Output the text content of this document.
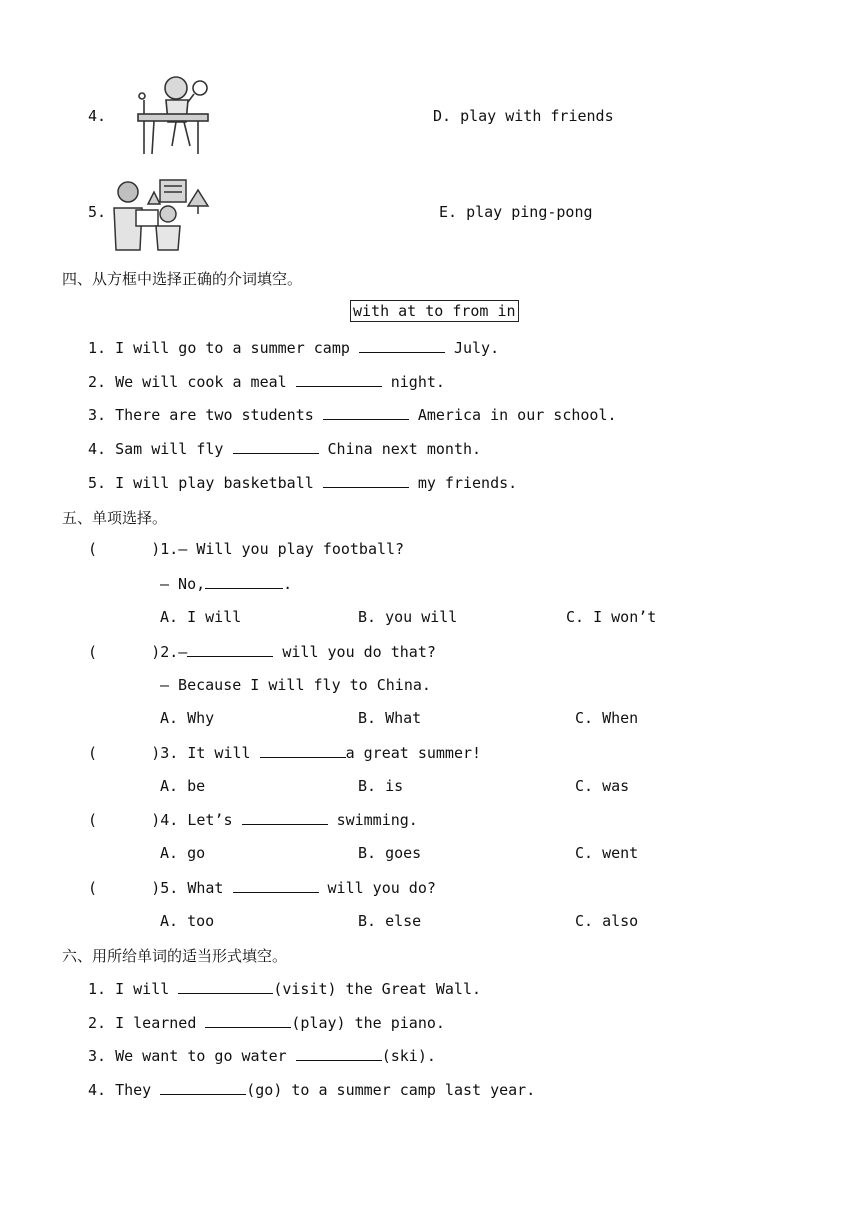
4.	D. play with friends
5.	E. play ping-pong
四、从方框中选择正确的介词填空。
with at to from in
1. I will go to a summer camp	July.
2. We will cook a meal	night.
3. There are two students	America in our school.
4. Sam will fly	China next month.
5. I will play basketball	my friends.
五、单项选择。
(      )1.— Will you play football?
— No,	.
A. I will	B. you will	C. I won’t
(      )2.—	will you do that?
— Because I will fly to China.
A. Why	B. What	C. When
(      )3. It will	a great summer!
A. be	B. is	C. was
(      )4. Let’s	swimming.
A. go	B. goes	C. went
(      )5. What	will you do?
A. too	B. else	C. also
六、用所给单词的适当形式填空。
1. I will	(visit) the Great Wall.
2. I learned	(play) the piano.
3. We want to go water	(ski).
4. They	(go) to a summer camp last year.
